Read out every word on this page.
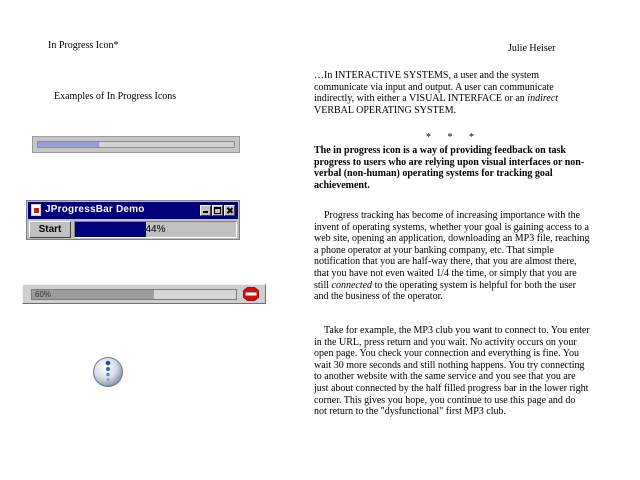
In Progress Icon*
Examples of In Progress Icons
JProgressBar Demo
Start	44%
60%
Julie Heiser

…In INTERACTIVE SYSTEMS, a user and the system communicate via input and output. A user can communicate indirectly, with either a VISUAL INTERFACE or an indirect VERBAL OPERATING SYSTEM.

* * *

The in progress icon is a way of providing feedback on task progress to users who are relying upon visual interfaces or non-verbal (non-human) operating systems for tracking goal achievement.

Progress tracking has become of increasing importance with the invent of operating systems, whether your goal is gaining access to a web site, opening an application, downloading an MP3 file, reaching a phone operator at your banking company, etc. That simple notification that you are half-way there, that you are almost there, that you have not even waited 1/4 the time, or simply that you are still connected to the operating system is helpful for both the user and the business of the operator.

Take for example, the MP3 club you want to connect to. You enter in the URL, press return and you wait. No activity occurs on your open page. You check your connection and everything is fine. You wait 30 more seconds and still nothing happens. You try connecting to another website with the same service and you see that you are just about connected by the half filled progress bar in the lower right corner. This gives you hope, you continue to use this page and do not return to the "dysfunctional" first MP3 club.
